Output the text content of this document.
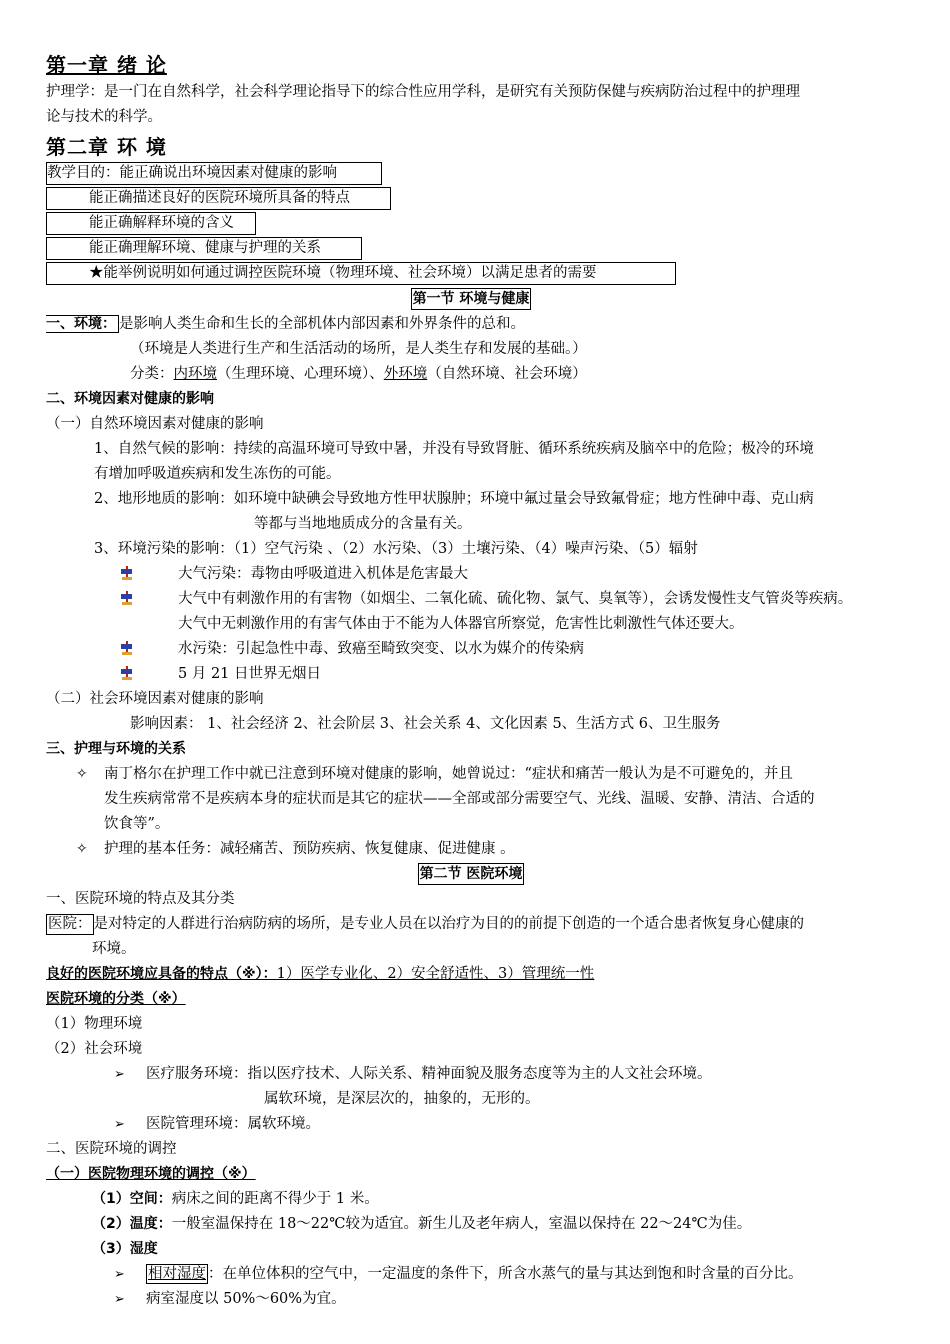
第一章 绪 论
护理学：是一门在自然科学，社会科学理论指导下的综合性应用学科，是研究有关预防保健与疾病防治过程中的护理理
论与技术的科学。
第二章 环 境
教学目的：能正确说出环境因素对健康的影响
能正确描述良好的医院环境所具备的特点
能正确解释环境的含义
能正确理解环境、健康与护理的关系
★能举例说明如何通过调控医院环境（物理环境、社会环境）以满足患者的需要
第一节 环境与健康
一、环境： 是影响人类生命和生长的全部机体内部因素和外界条件的总和。
（环境是人类进行生产和生活活动的场所，是人类生存和发展的基础。）
分类：内环境（生理环境、心理环境）、外环境（自然环境、社会环境）
二、环境因素对健康的影响
（一）自然环境因素对健康的影响
1、自然气候的影响：持续的高温环境可导致中暑，并没有导致肾脏、循环系统疾病及脑卒中的危险；极冷的环境
有增加呼吸道疾病和发生冻伤的可能。
2、地形地质的影响：如环境中缺碘会导致地方性甲状腺肿；环境中氟过量会导致氟骨症；地方性砷中毒、克山病
等都与当地地质成分的含量有关。
3、环境污染的影响：（1）空气污染 、（2）水污染、（3）土壤污染、（4）噪声污染、（5）辐射
大气污染：毒物由呼吸道进入机体是危害最大
大气中有刺激作用的有害物（如烟尘、二氧化硫、硫化物、氯气、臭氧等），会诱发慢性支气管炎等疾病。
大气中无刺激作用的有害气体由于不能为人体器官所察觉，危害性比刺激性气体还要大。
水污染：引起急性中毒、致癌至畸致突变、以水为媒介的传染病
5 月 21 日世界无烟日
（二）社会环境因素对健康的影响
影响因素： 1、社会经济 2、社会阶层 3、社会关系 4、文化因素 5、生活方式 6、卫生服务
三、护理与环境的关系
✧ 南丁格尔在护理工作中就已注意到环境对健康的影响，她曾说过：“症状和痛苦一般认为是不可避免的，并且
发生疾病常常不是疾病本身的症状而是其它的症状——全部或部分需要空气、光线、温暖、安静、清洁、合适的
饮食等”。
✧ 护理的基本任务：减轻痛苦、预防疾病、恢复健康、促进健康 。
第二节 医院环境
一、医院环境的特点及其分类
医院： 是对特定的人群进行治病防病的场所，是专业人员在以治疗为目的的前提下创造的一个适合患者恢复身心健康的
环境。
良好的医院环境应具备的特点（※）：1）医学专业化、2）安全舒适性、3）管理统一性
医院环境的分类（※）
（1）物理环境
（2）社会环境
➢ 医疗服务环境：指以医疗技术、人际关系、精神面貌及服务态度等为主的人文社会环境。
属软环境，是深层次的，抽象的，无形的。
➢ 医院管理环境：属软环境。
二、医院环境的调控
（一）医院物理环境的调控（※）
（1）空间：病床之间的距离不得少于 1 米。
（2）温度：一般室温保持在 18～22℃较为适宜。新生儿及老年病人，室温以保持在 22～24℃为佳。
（3）湿度
➢ 相对湿度 ：在单位体积的空气中，一定温度的条件下，所含水蒸气的量与其达到饱和时含量的百分比。
➢ 病室湿度以 50%～60%为宜。
